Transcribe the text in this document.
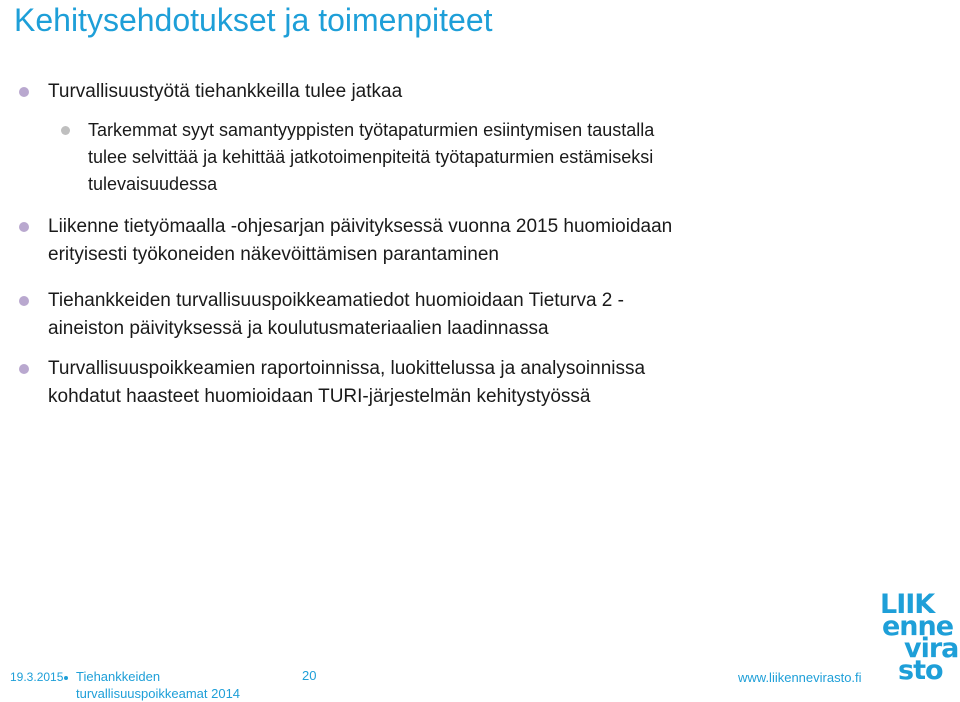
Kehitysehdotukset ja toimenpiteet
Turvallisuustyötä tiehankkeilla tulee jatkaa
Tarkemmat syyt samantyyppisten työtapaturmien esiintymisen taustalla
tulee selvittää ja kehittää jatkotoimenpiteitä työtapaturmien estämiseksi
tulevaisuudessa
Liikenne tietyömaalla -ohjesarjan päivityksessä vuonna 2015 huomioidaan
erityisesti työkoneiden näkevöittämisen parantaminen
Tiehankkeiden turvallisuuspoikkeamatiedot huomioidaan Tieturva 2 -
aineiston päivityksessä ja koulutusmateriaalien laadinnassa
Turvallisuuspoikkeamien raportoinnissa, luokittelussa ja analysoinnissa
kohdatut haasteet huomioidaan TURI-järjestelmän kehitystyössä
19.3.2015 Tiehankkeiden
turvallisuuspoikkeamat 2014
20	www.liikennevirasto.fi
LIIK
enne
vira
sto
